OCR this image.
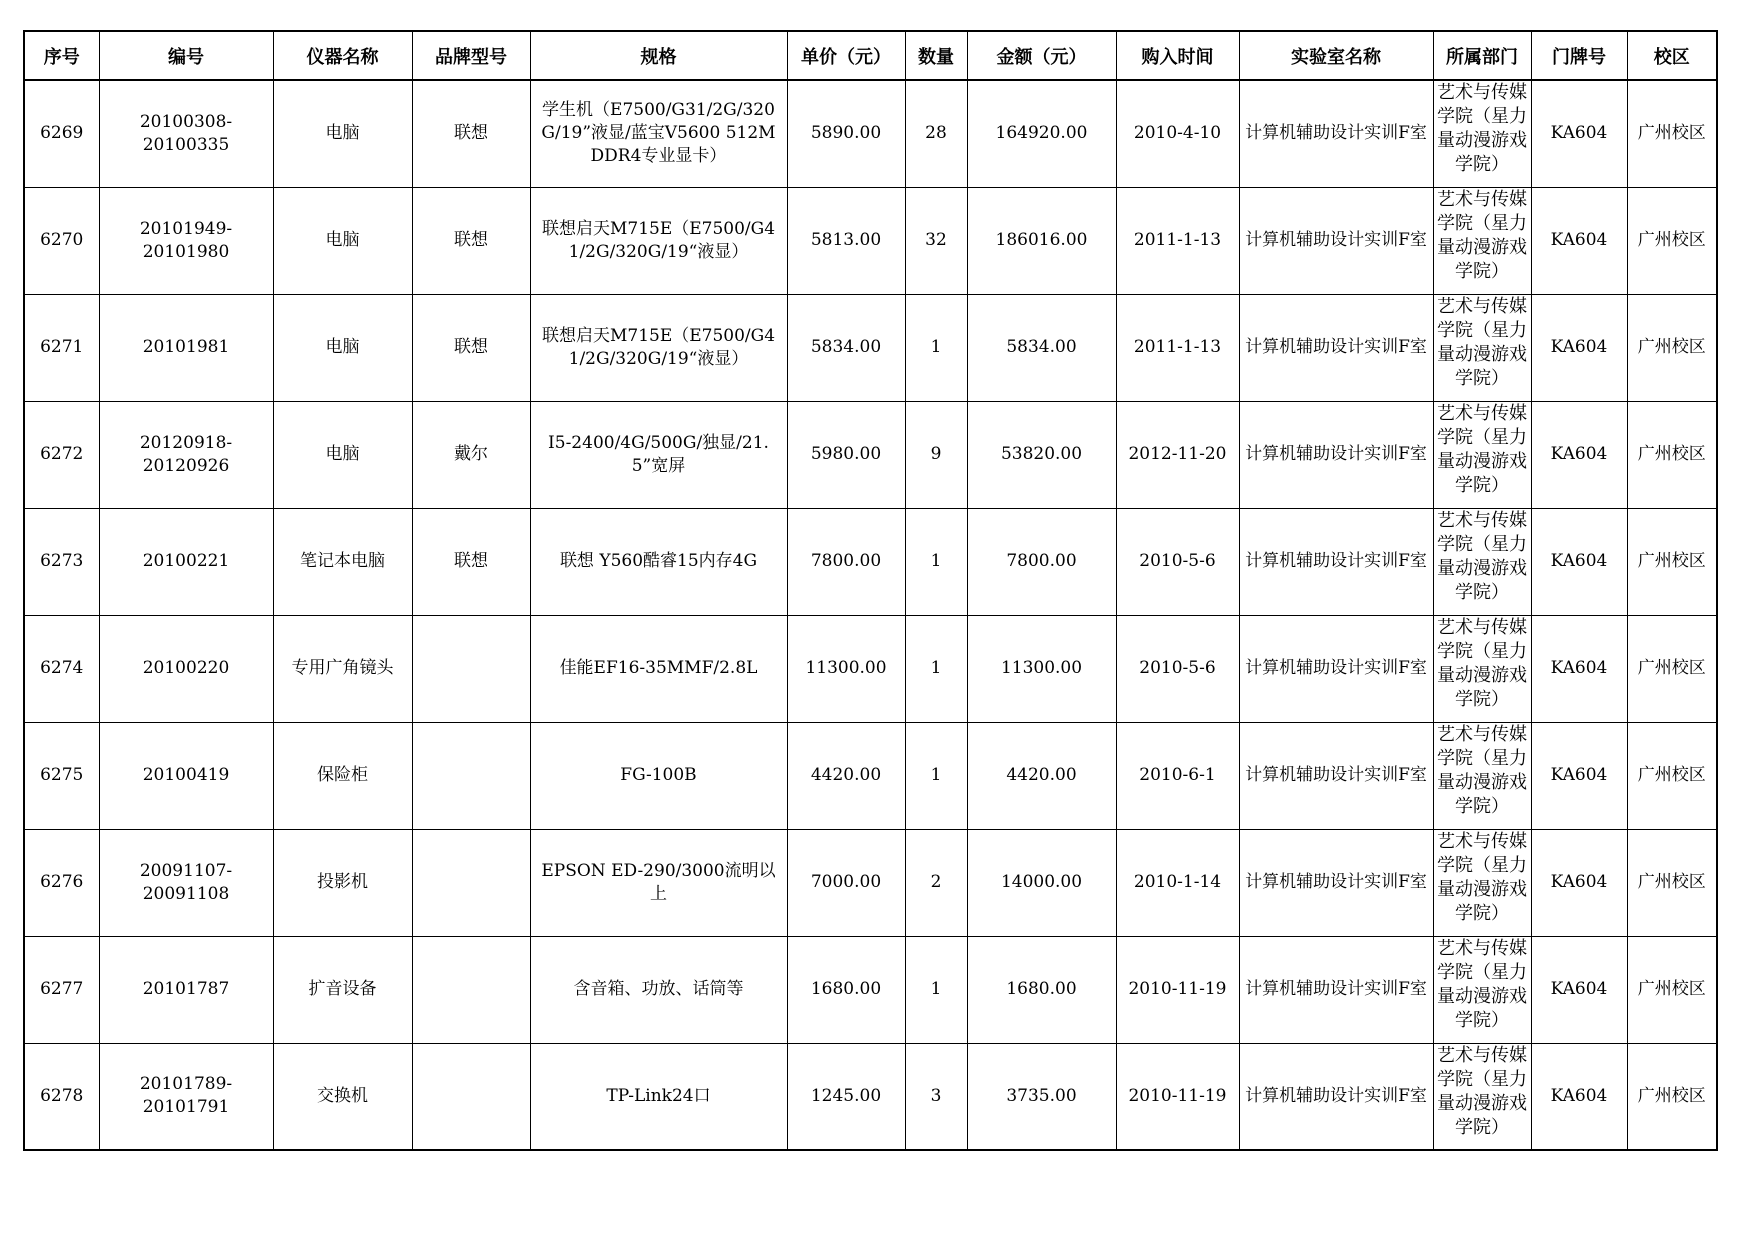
序号	编号	仪器名称	品牌型号	规格	单价（元）	数量	金额（元）	购入时间	实验室名称	所属部门	门牌号	校区
6269	20100308-20100335	电脑	联想	学生机（E7500/G31/2G/320G/19”液显/蓝宝V5600 512M DDR4专业显卡）	5890.00	28	164920.00	2010-4-10	计算机辅助设计实训F室	艺术与传媒学院（星力量动漫游戏学院）	KA604	广州校区
6270	20101949-20101980	电脑	联想	联想启天M715E（E7500/G41/2G/320G/19“液显）	5813.00	32	186016.00	2011-1-13	计算机辅助设计实训F室	艺术与传媒学院（星力量动漫游戏学院）	KA604	广州校区
6271	20101981	电脑	联想	联想启天M715E（E7500/G41/2G/320G/19“液显）	5834.00	1	5834.00	2011-1-13	计算机辅助设计实训F室	艺术与传媒学院（星力量动漫游戏学院）	KA604	广州校区
6272	20120918-20120926	电脑	戴尔	I5-2400/4G/500G/独显/21.5”宽屏	5980.00	9	53820.00	2012-11-20	计算机辅助设计实训F室	艺术与传媒学院（星力量动漫游戏学院）	KA604	广州校区
6273	20100221	笔记本电脑	联想	联想 Y560酷睿15内存4G	7800.00	1	7800.00	2010-5-6	计算机辅助设计实训F室	艺术与传媒学院（星力量动漫游戏学院）	KA604	广州校区
6274	20100220	专用广角镜头		佳能EF16-35MMF/2.8L	11300.00	1	11300.00	2010-5-6	计算机辅助设计实训F室	艺术与传媒学院（星力量动漫游戏学院）	KA604	广州校区
6275	20100419	保险柜		FG-100B	4420.00	1	4420.00	2010-6-1	计算机辅助设计实训F室	艺术与传媒学院（星力量动漫游戏学院）	KA604	广州校区
6276	20091107-20091108	投影机		EPSON ED-290/3000流明以上	7000.00	2	14000.00	2010-1-14	计算机辅助设计实训F室	艺术与传媒学院（星力量动漫游戏学院）	KA604	广州校区
6277	20101787	扩音设备		含音箱、功放、话筒等	1680.00	1	1680.00	2010-11-19	计算机辅助设计实训F室	艺术与传媒学院（星力量动漫游戏学院）	KA604	广州校区
6278	20101789-20101791	交换机		TP-Link24口	1245.00	3	3735.00	2010-11-19	计算机辅助设计实训F室	艺术与传媒学院（星力量动漫游戏学院）	KA604	广州校区
